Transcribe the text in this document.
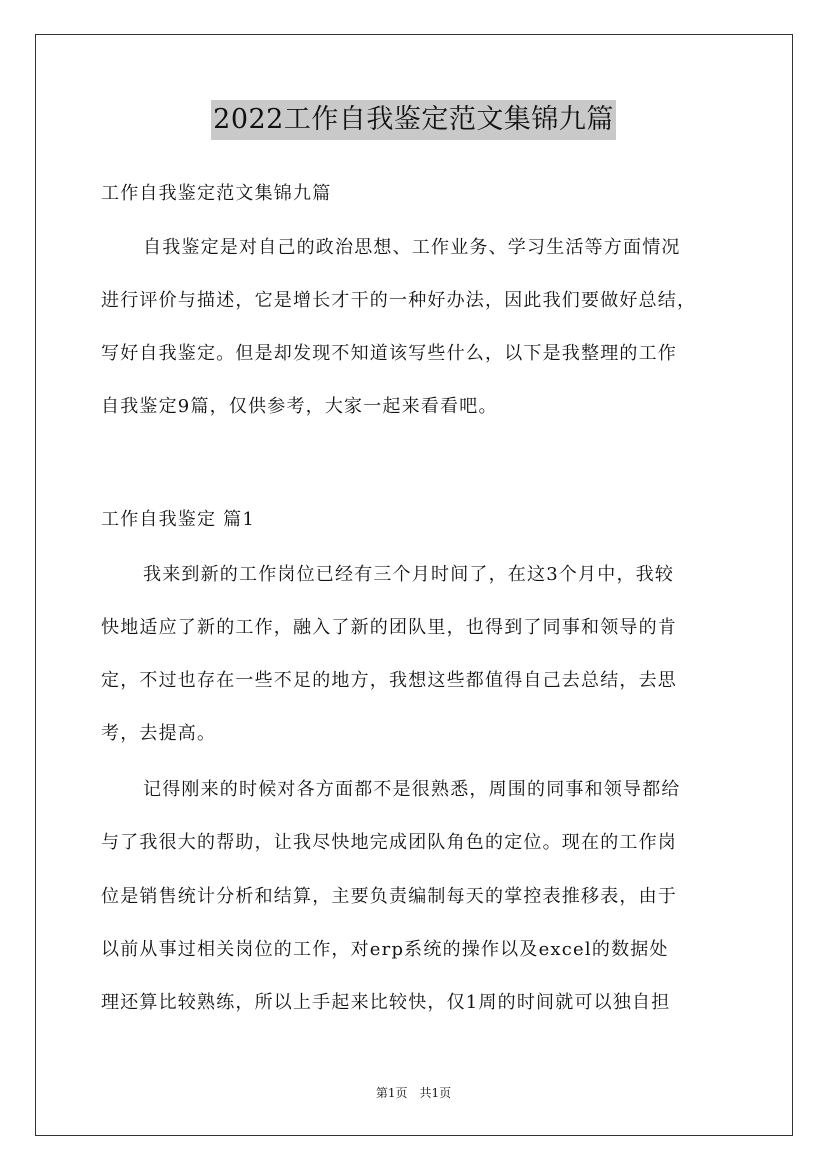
2022工作自我鉴定范文集锦九篇
工作自我鉴定范文集锦九篇
自我鉴定是对自己的政治思想、工作业务、学习生活等方面情况
进行评价与描述，它是增长才干的一种好办法，因此我们要做好总结，
写好自我鉴定。但是却发现不知道该写些什么，以下是我整理的工作
自我鉴定9篇，仅供参考，大家一起来看看吧。
工作自我鉴定 篇1
我来到新的工作岗位已经有三个月时间了，在这3个月中，我较
快地适应了新的工作，融入了新的团队里，也得到了同事和领导的肯
定，不过也存在一些不足的地方，我想这些都值得自己去总结，去思
考，去提高。
记得刚来的时候对各方面都不是很熟悉，周围的同事和领导都给
与了我很大的帮助，让我尽快地完成团队角色的定位。现在的工作岗
位是销售统计分析和结算，主要负责编制每天的掌控表推移表，由于
以前从事过相关岗位的工作，对erp系统的操作以及excel的数据处
理还算比较熟练，所以上手起来比较快，仅1周的时间就可以独自担
第1页　共1页
